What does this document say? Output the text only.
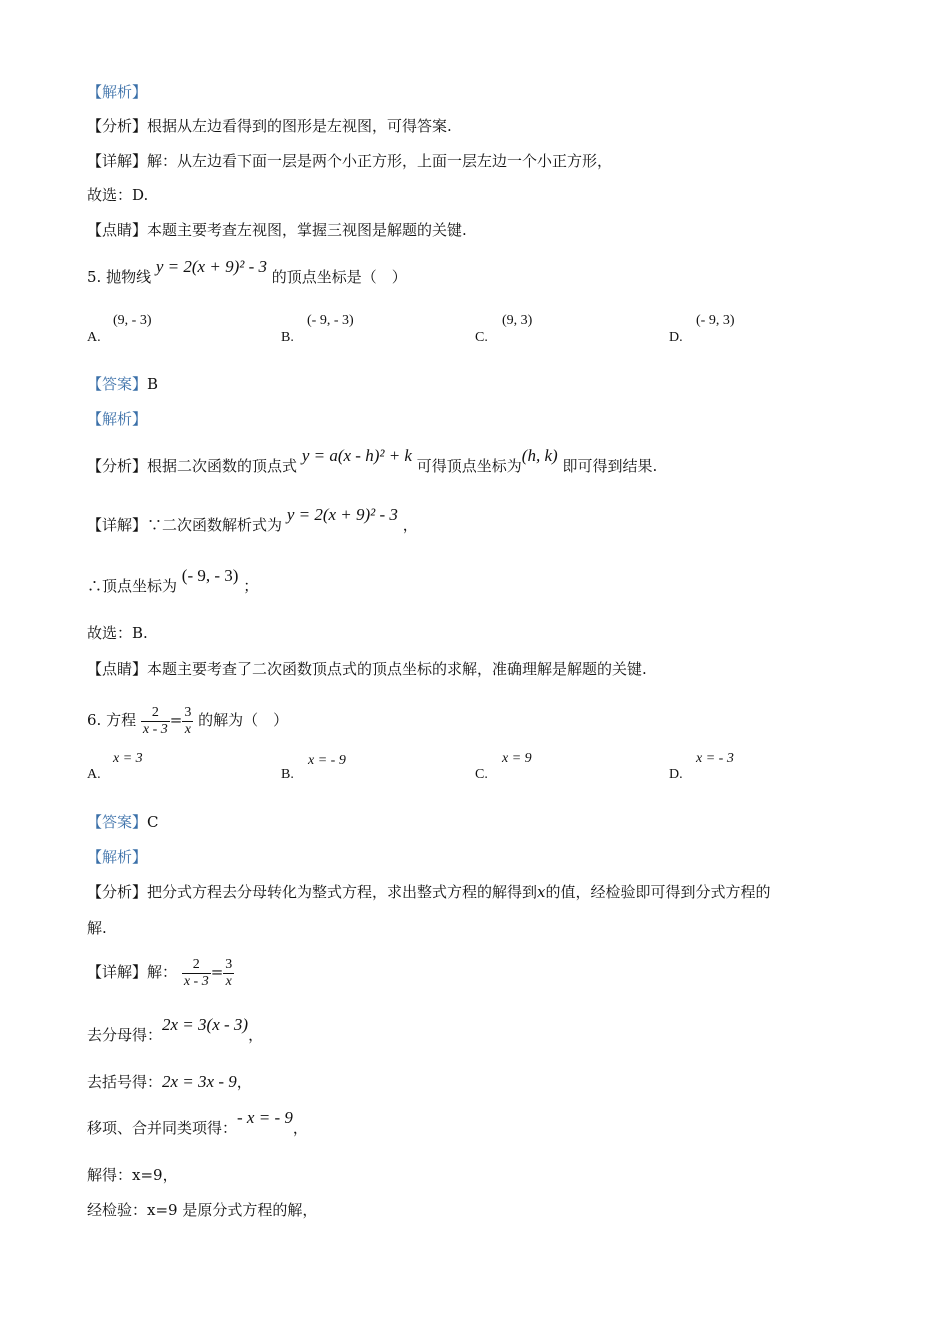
【解析】
【分析】根据从左边看得到的图形是左视图，可得答案.
【详解】解：从左边看下面一层是两个小正方形，上面一层左边一个小正方形，
故选：D.
【点睛】本题主要考查左视图，掌握三视图是解题的关键.
5. 抛物线 y = 2(x + 9)² - 3 的顶点坐标是（　）
A.
(9, - 3)
B.
(- 9, - 3)
C.
(9, 3)
D.
(- 9, 3)
【答案】B
【解析】
【分析】根据二次函数的顶点式 y = a(x - h)² + k 可得顶点坐标为(h, k) 即可得到结果.
【详解】∵二次函数解析式为 y = 2(x + 9)² - 3 ，
∴顶点坐标为 (- 9, - 3) ；
故选：B.
【点睛】本题主要考查了二次函数顶点式的顶点坐标的求解，准确理解是解题的关键.
6. 方程 $\frac{2}{x - 3} = \frac{3}{x}$ 的解为（　）
A.
x = 3
B.
x = - 9
C.
x = 9
D.
x = - 3
【答案】C
【解析】
【分析】把分式方程去分母转化为整式方程，求出整式方程的解得到x的值，经检验即可得到分式方程的
解.
【详解】解： $\frac{2}{x - 3} = \frac{3}{x}$
去分母得：2x = 3(x - 3)，
去括号得：2x = 3x - 9，
移项、合并同类项得：- x = - 9，
解得：x=9，
经检验：x=9 是原分式方程的解，
